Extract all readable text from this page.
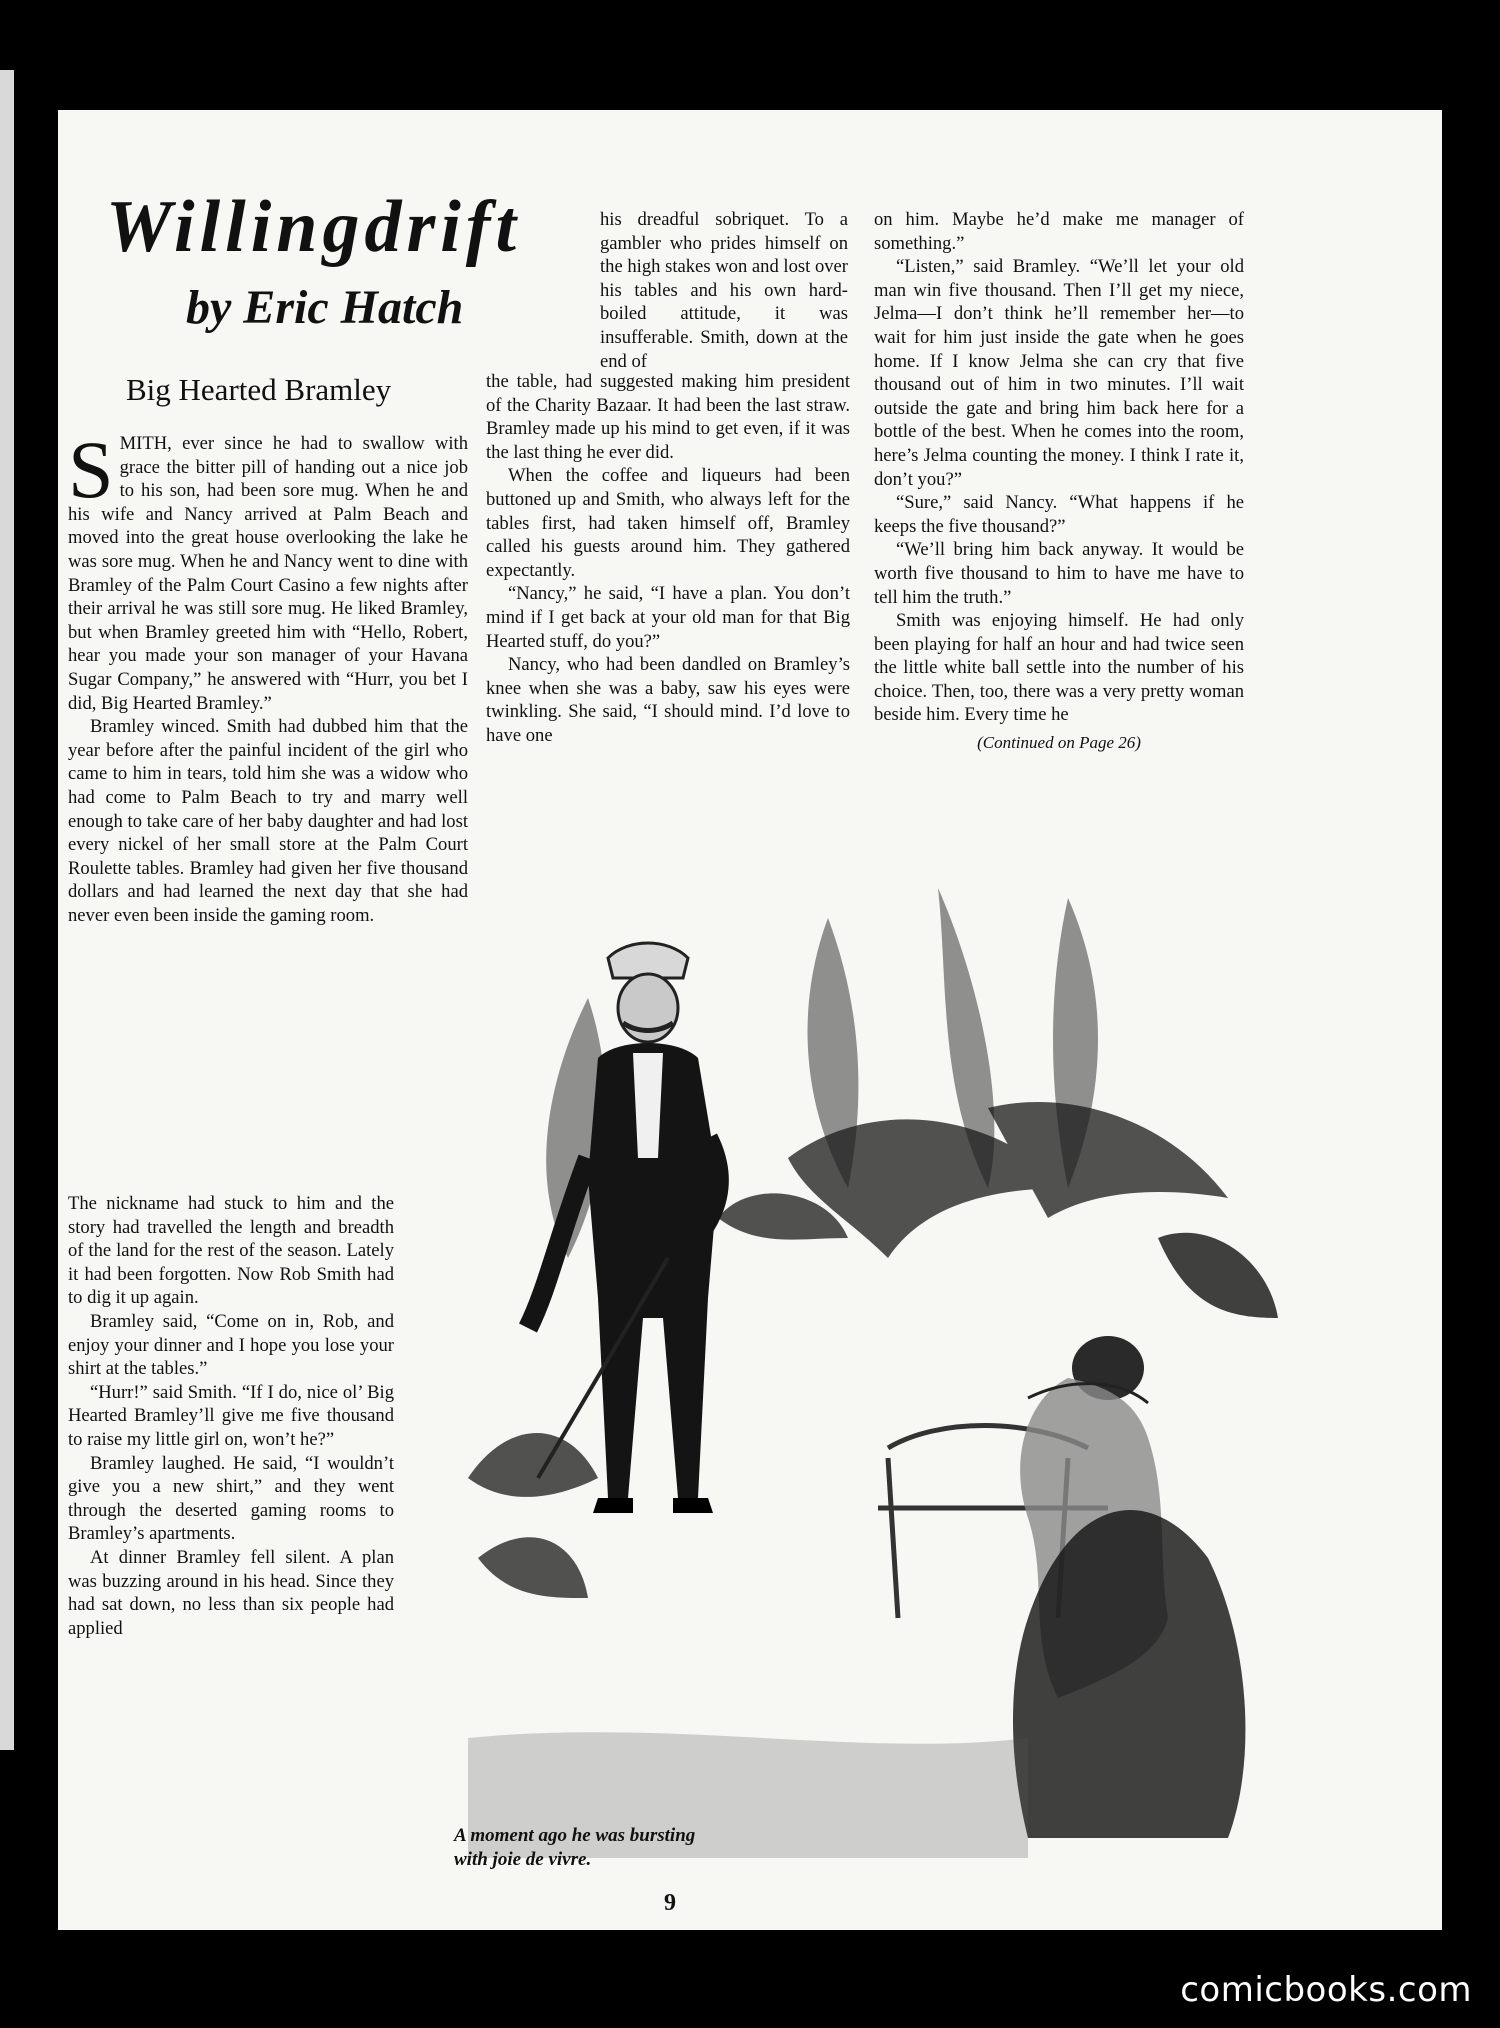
Willingdrift
by Eric Hatch
Big Hearted Bramley

SMITH, ever since he had to swallow with grace the bitter pill of handing out a nice job to his son, had been sore mug. When he and his wife and Nancy arrived at Palm Beach and moved into the great house overlooking the lake he was sore mug. When he and Nancy went to dine with Bramley of the Palm Court Casino a few nights after their arrival he was still sore mug. He liked Bramley, but when Bramley greeted him with “Hello, Robert, hear you made your son manager of your Havana Sugar Company,” he answered with “Hurr, you bet I did, Big Hearted Bramley.”

Bramley winced. Smith had dubbed him that the year before after the painful incident of the girl who came to him in tears, told him she was a widow who had come to Palm Beach to try and marry well enough to take care of her baby daughter and had lost every nickel of her small store at the Palm Court Roulette tables. Bramley had given her five thousand dollars and had learned the next day that she had never even been inside the gaming room.

The nickname had stuck to him and the story had travelled the length and breadth of the land for the rest of the season. Lately it had been forgotten. Now Rob Smith had to dig it up again.

Bramley said, “Come on in, Rob, and enjoy your dinner and I hope you lose your shirt at the tables.”

“Hurr!” said Smith. “If I do, nice ol’ Big Hearted Bramley’ll give me five thousand to raise my little girl on, won’t he?”

Bramley laughed. He said, “I wouldn’t give you a new shirt,” and they went through the deserted gaming rooms to Bramley’s apartments.

At dinner Bramley fell silent. A plan was buzzing around in his head. Since they had sat down, no less than six people had applied

his dreadful sobriquet. To a gambler who prides himself on the high stakes won and lost over his tables and his own hard-boiled attitude, it was insufferable. Smith, down at the end of

the table, had suggested making him president of the Charity Bazaar. It had been the last straw. Bramley made up his mind to get even, if it was the last thing he ever did.

When the coffee and liqueurs had been buttoned up and Smith, who always left for the tables first, had taken himself off, Bramley called his guests around him. They gathered expectantly.

“Nancy,” he said, “I have a plan. You don’t mind if I get back at your old man for that Big Hearted stuff, do you?”

Nancy, who had been dandled on Bramley’s knee when she was a baby, saw his eyes were twinkling. She said, “I should mind. I’d love to have one

on him. Maybe he’d make me manager of something.”

“Listen,” said Bramley. “We’ll let your old man win five thousand. Then I’ll get my niece, Jelma—I don’t think he’ll remember her—to wait for him just inside the gate when he goes home. If I know Jelma she can cry that five thousand out of him in two minutes. I’ll wait outside the gate and bring him back here for a bottle of the best. When he comes into the room, here’s Jelma counting the money. I think I rate it, don’t you?”

“Sure,” said Nancy. “What happens if he keeps the five thousand?”

“We’ll bring him back anyway. It would be worth five thousand to him to have me have to tell him the truth.”

Smith was enjoying himself. He had only been playing for half an hour and had twice seen the little white ball settle into the number of his choice. Then, too, there was a very pretty woman beside him. Every time he

(Continued on Page 26)
A moment ago he was bursting
with joie de vivre.
9
comicbooks.com
